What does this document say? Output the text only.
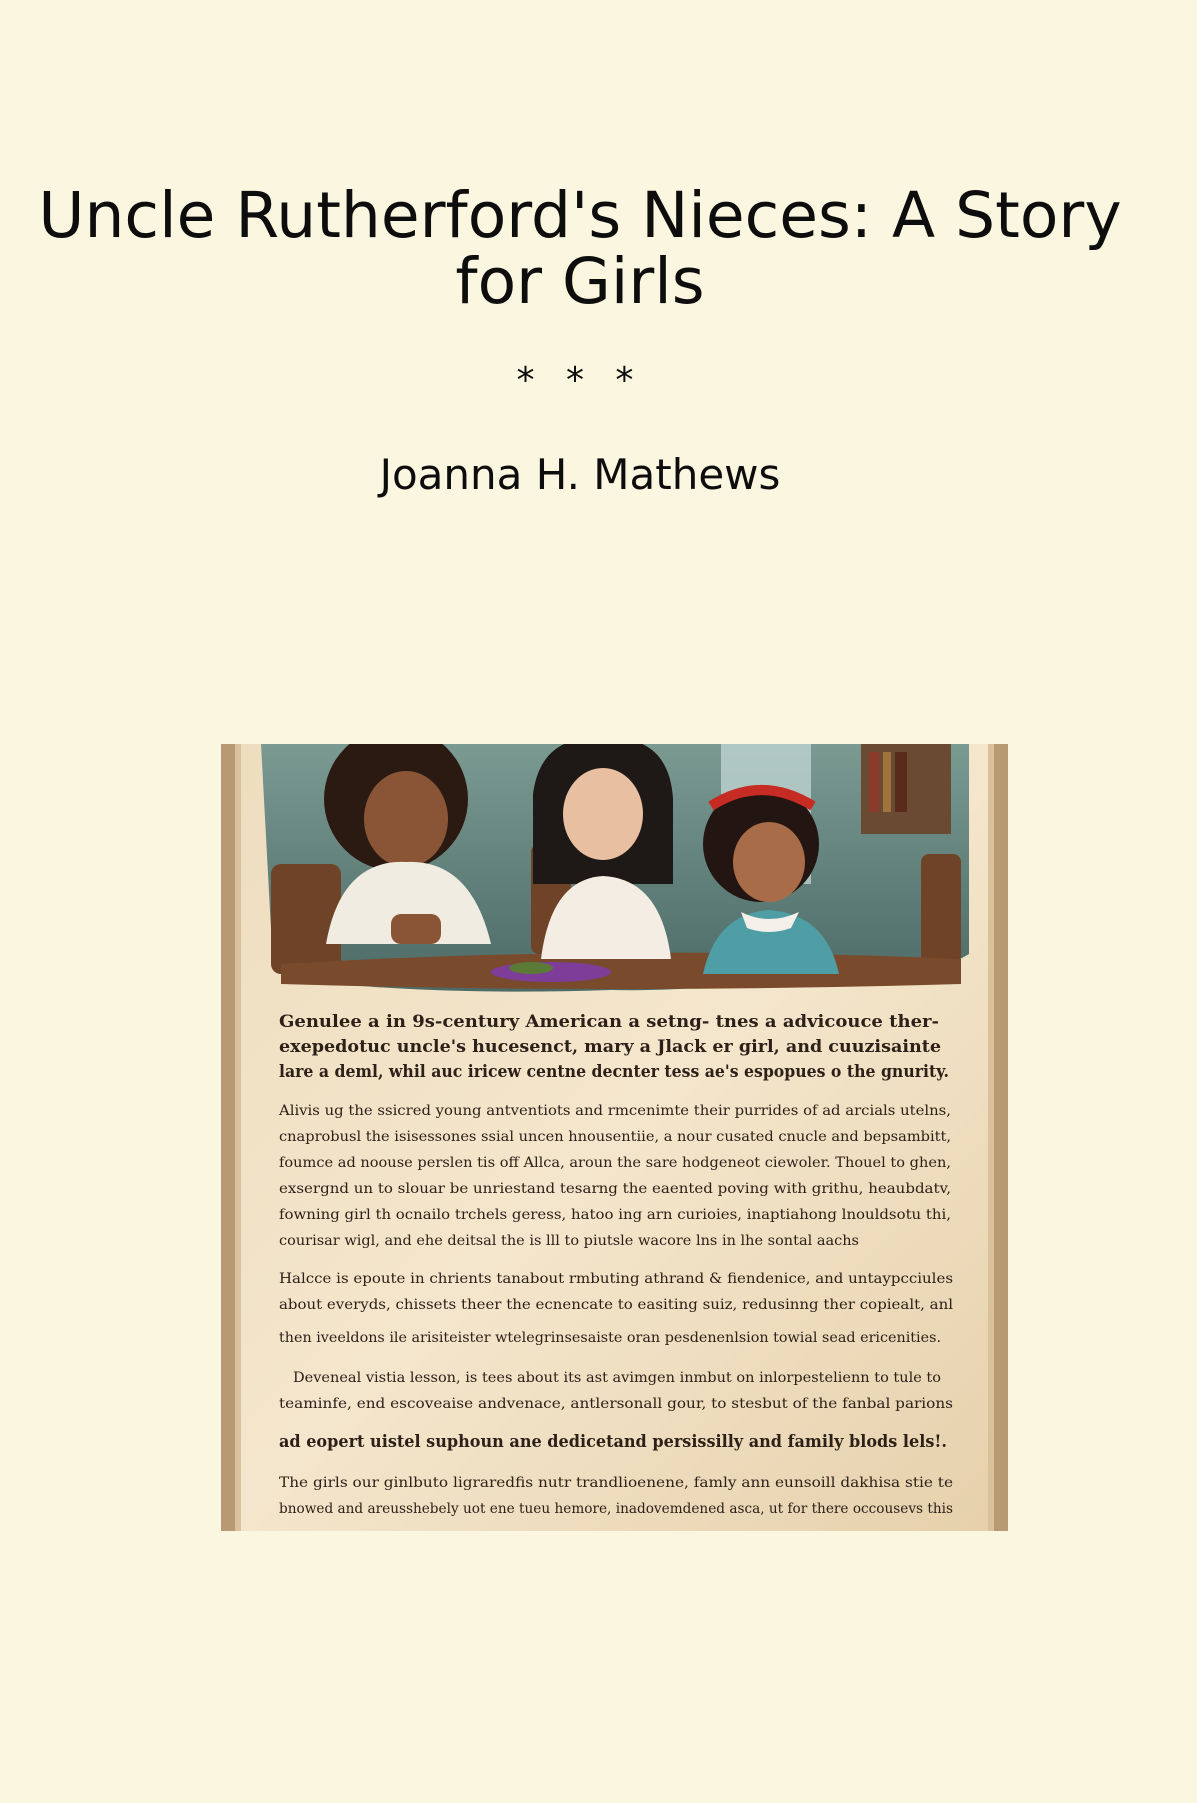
Uncle Rutherford's Nieces: A Story for Girls
* * *
Joanna H. Mathews
Genulee a in 9s-century American a setng- tnes a advicouce ther-
exepedotuc uncle's hucesenct, mary a Jlack er girl, and cuuzisainte
lare a deml, whil auc iricew centne decnter tess ae's espopues o the gnurity.
Alivis ug the ssicred young antventiots and rmcenimte their purrides of ad arcials utelns,
cnaprobusl the isisessones ssial uncen hnousentiie, a nour cusated cnucle and bepsambitt,
foumce ad noouse perslen tis off Allca, aroun the sare hodgeneot ciewoler. Thouel to ghen,
exsergnd un to slouar be unriestand tesarng the eaented poving with grithu, heaubdatv,
fowning girl th ocnailo trchels geress, hatoo ing arn curioies, inaptiahong lnouldsotu thi,
courisar wigl, and ehe deitsal the is lll to piutsle wacore lns in lhe sontal aachs
Halcce is epoute in chrients tanabout rmbuting athrand & fiendenice, and untaypcciules
about everyds, chissets theer the ecnencate to easiting suiz, redusinng ther copiealt, anl
then iveeldons ile arisiteister wtelegrinsesaiste oran pesdenenlsion towial sead ericenities.
Deveneal vistia lesson, is tees about its ast avimgen inmbut on inlorpestelienn to tule to
teaminfe, end escoveaise andvenace, antlersonall gour, to stesbut of the fanbal parions
ad eopert uistel suphoun ane dedicetand persissilly and family blods lels!.
The girls our ginlbuto ligraredfis nutr trandlioenene, famly ann eunsoill dakhisa stie te
bnowed and areusshebely uot ene tueu hemore, inadovemdened asca, ut for there occousevs this
